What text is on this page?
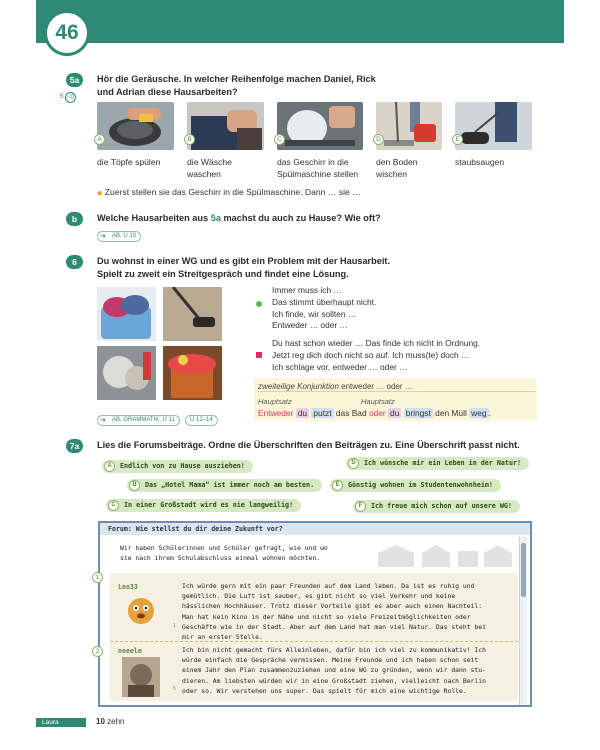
46
5a
5 ◁)
Hör die Geräusche. In welcher Reihenfolge machen Daniel, Rick
und Adrian diese Hausarbeiten?
A	B	C	D	E
die Töpfe spülen	die Wäsche
waschen
das Geschirr in die
Spülmaschine stellen
den Boden
wischen
staubsaugen
◆ Zuerst stellen sie das Geschirr in die Spülmaschine. Dann … sie …
b	Welche Hausarbeiten aus 5a machst du auch zu Hause? Wie oft?
➔ AB, Ü 10
6	Du wohnst in einer WG und es gibt ein Problem mit der Hausarbeit.
Spielt zu zweit ein Streitgespräch und findet eine Lösung.
➔ AB, GRAMMATIK, Ü 11	Ü 12–14
Immer muss ich …
Das stimmt überhaupt nicht.
Ich finde, wir sollten …
Entweder … oder …
Du hast schon wieder … Das finde ich nicht in Ordnung.
Jetzt reg dich doch nicht so auf. Ich muss(te) doch …
Ich schlage vor, entweder … oder …
zweiteilige Konjunktion entweder … oder …
Hauptsatz	Hauptsatz
Entweder du putzt das Bad oder du bringst den Müll weg .
7a	Lies die Forumsbeiträge. Ordne die Überschriften den Beiträgen zu. Eine Überschrift passt nicht.
A	Endlich von zu Hause ausziehen!
B	Das „Hotel Mama“ ist immer noch am besten.
C	In einer Großstadt wird es nie langweilig!
D	Ich wünsche mir ein Leben in der Natur!
E	Günstig wohnen im Studentenwohnheim!
F	Ich freue mich schon auf unsere WG!
Forum: Wie stellst du dir deine Zukunft vor?
Wir haben Schülerinnen und Schüler gefragt, wie und wo
sie nach ihrem Schulabschluss einmal wohnen möchten.
Leo33	Ich würde gern mit ein paar Freunden auf dem Land leben. Da ist es ruhig und
gemütlich. Die Luft ist sauber, es gibt nicht so viel Verkehr und keine
hässlichen Hochhäuser. Trotz dieser Vorteile gibt es aber auch einen Nachteil:
Man hat kein Kino in der Nähe und nicht so viele Freizeitmöglichkeiten oder
Geschäfte wie in der Stadt. Aber auf dem Land hat man viel Natur. Das steht bei
mir an erster Stelle.
1
neeele	Ich bin nicht gemacht fürs Alleinleben, dafür bin ich viel zu kommunikativ! Ich
würde einfach die Gespräche vermissen. Meine Freunde und ich haben schon seit
einem Jahr den Plan zusammenzuziehen und eine WG zu gründen, wenn wir dann stu-
dieren. Am liebsten würden wir in eine Großstadt ziehen, vielleicht nach Berlin
oder so. Wir verstehen uns super. Das spielt für mich eine wichtige Rolle.
5
1
2
Laura	10 zehn
